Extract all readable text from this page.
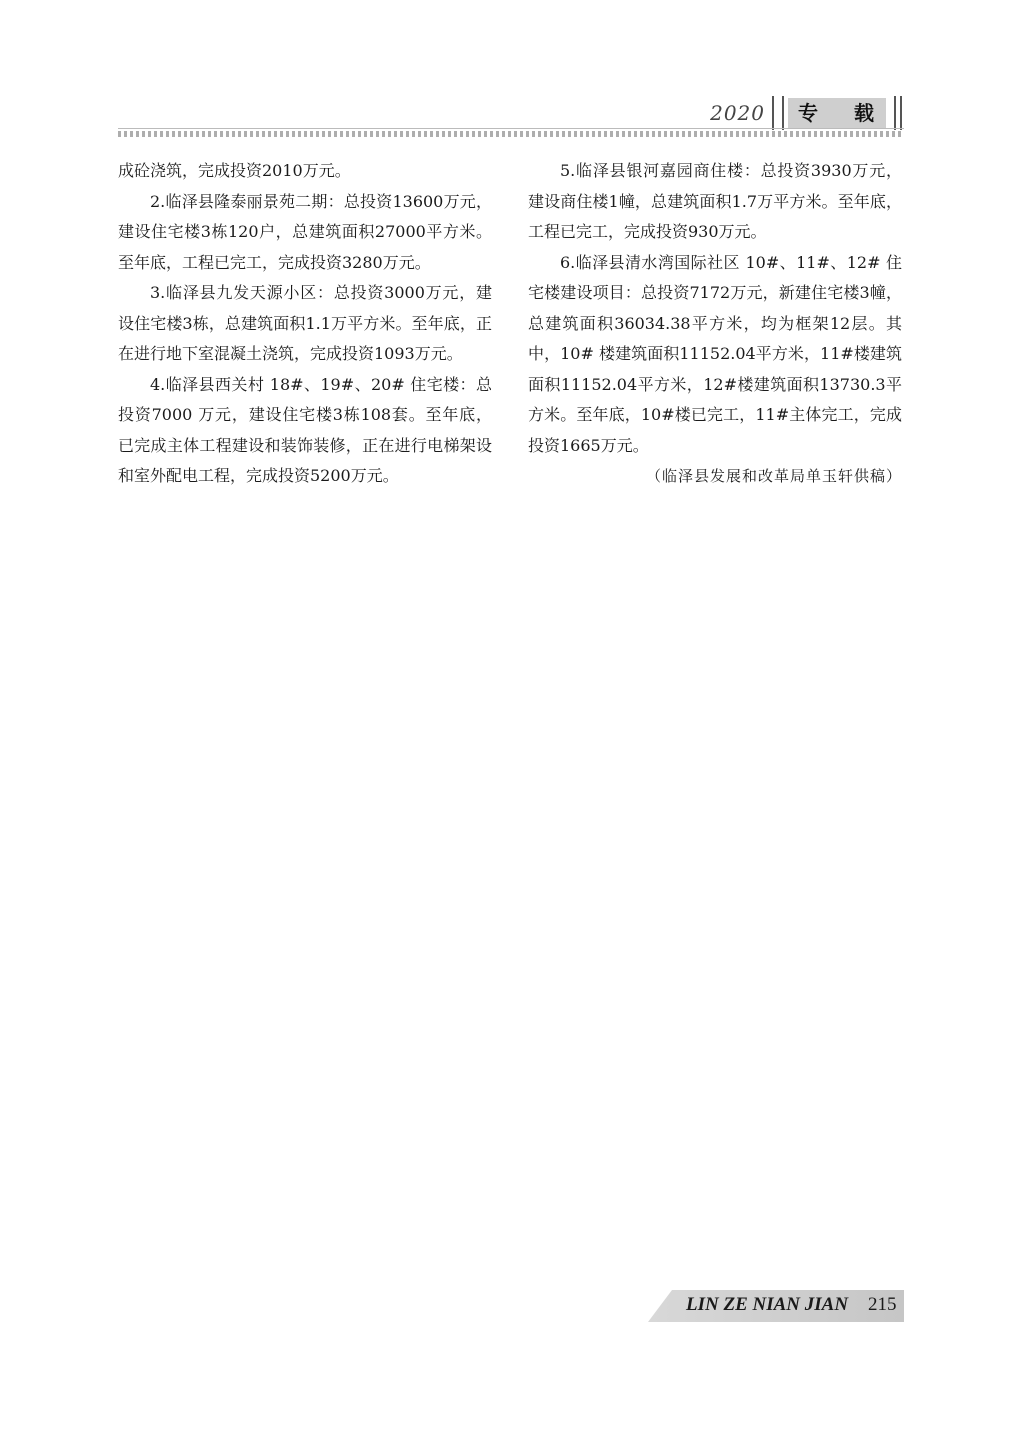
2020	专载

成砼浇筑，完成投资2010万元。

2.临泽县隆泰丽景苑二期：总投资13600万元，建设住宅楼3栋120户，总建筑面积27000平方米。至年底，工程已完工，完成投资3280万元。

3.临泽县九发天源小区：总投资3000万元，建设住宅楼3栋，总建筑面积1.1万平方米。至年底，正在进行地下室混凝土浇筑，完成投资1093万元。

4.临泽县西关村 18#、19#、20# 住宅楼：总投资7000 万元，建设住宅楼3栋108套。至年底，已完成主体工程建设和装饰装修，正在进行电梯架设和室外配电工程，完成投资5200万元。

5.临泽县银河嘉园商住楼：总投资3930万元，建设商住楼1幢，总建筑面积1.7万平方米。至年底，工程已完工，完成投资930万元。

6.临泽县清水湾国际社区 10#、11#、12# 住宅楼建设项目：总投资7172万元，新建住宅楼3幢，总建筑面积36034.38平方米，均为框架12层。其中，10# 楼建筑面积11152.04平方米，11#楼建筑面积11152.04平方米，12#楼建筑面积13730.3平方米。至年底，10#楼已完工，11#主体完工，完成投资1665万元。

（临泽县发展和改革局单玉轩供稿）

LIN ZE NIAN JIAN 215
